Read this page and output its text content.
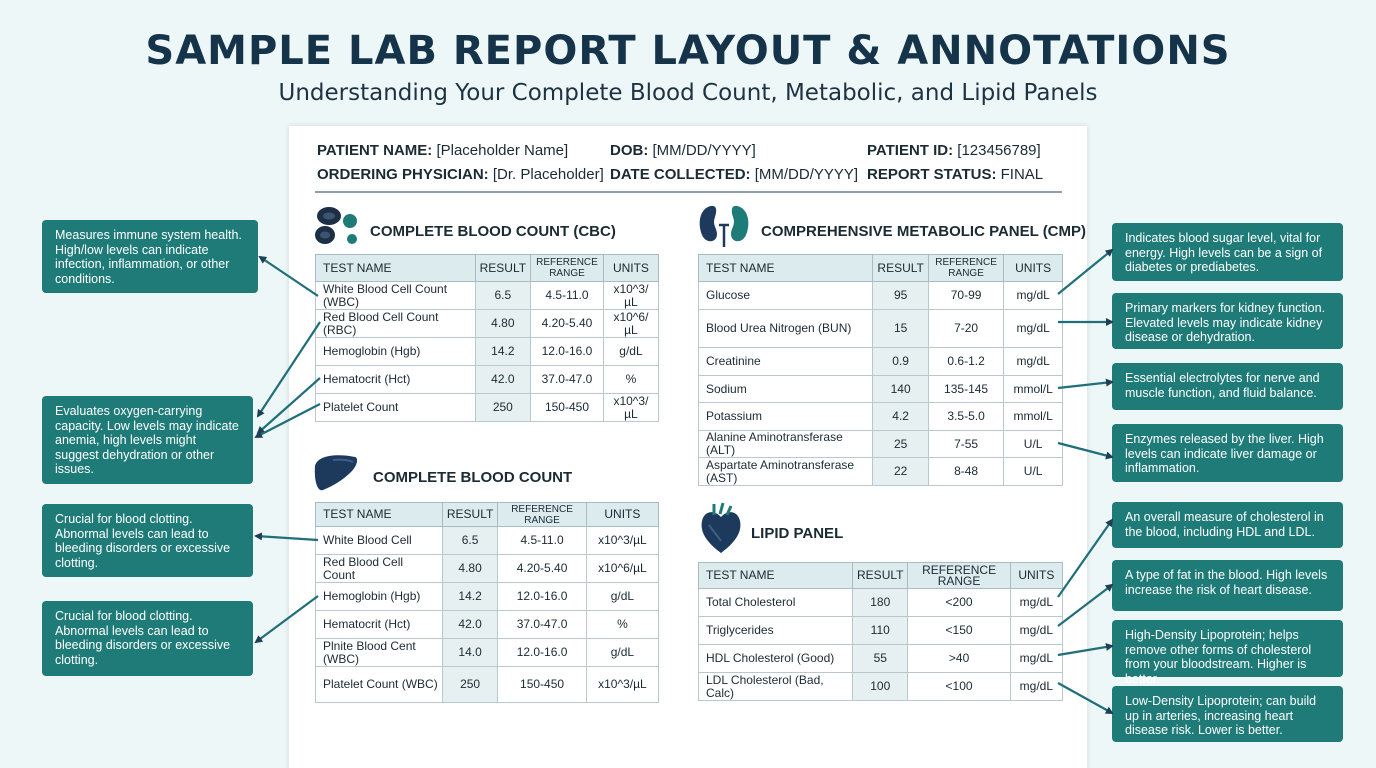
SAMPLE LAB REPORT LAYOUT & ANNOTATIONS
Understanding Your Complete Blood Count, Metabolic, and Lipid Panels
PATIENT NAME: [Placeholder Name]	DOB: [MM/DD/YYYY]	PATIENT ID: [123456789]
ORDERING PHYSICIAN: [Dr. Placeholder] DATE COLLECTED: [MM/DD/YYYY] REPORT STATUS: FINAL
COMPLETE BLOOD COUNT (CBC)
COMPLETE BLOOD COUNT
COMPREHENSIVE METABOLIC PANEL (CMP)
LIPID PANEL
TEST NAME	RESULT	REFERENCE RANGE	UNITS
White Blood Cell Count (WBC)	6.5	4.5-11.0	x10^3/µL
Red Blood Cell Count (RBC)	4.80	4.20-5.40	x10^6/µL
Hemoglobin (Hgb)	14.2	12.0-16.0	g/dL
Hematocrit (Hct)	42.0	37.0-47.0	%
Platelet Count	250	150-450	x10^3/µL
TEST NAME	RESULT	REFERENCE RANGE	UNITS
White Blood Cell	6.5	4.5-11.0	x10^3/µL
Red Blood Cell Count	4.80	4.20-5.40	x10^6/µL
Hemoglobin (Hgb)	14.2	12.0-16.0	g/dL
Hematocrit (Hct)	42.0	37.0-47.0	%
Plnite Blood Cent (WBC)	14.0	12.0-16.0	g/dL
Platelet Count (WBC)	250	150-450	x10^3/µL
TEST NAME	RESULT	REFERENCE RANGE	UNITS
Glucose	95	70-99	mg/dL
Blood Urea Nitrogen (BUN)	15	7-20	mg/dL
Creatinine	0.9	0.6-1.2	mg/dL
Sodium	140	135-145	mmol/L
Potassium	4.2	3.5-5.0	mmol/L
Alanine Aminotransferase (ALT)	25	7-55	U/L
Aspartate Aminotransferase (AST)	22	8-48	U/L
TEST NAME	RESULT	REFERENCE RANGE	UNITS
Total Cholesterol	180	<200	mg/dL
Triglycerides	110	<150	mg/dL
HDL Cholesterol (Good)	55	>40	mg/dL
LDL Cholesterol (Bad, Calc)	100	<100	mg/dL
Measures immune system health. High/low levels can indicate infection, inflammation, or other conditions.
Evaluates oxygen-carrying capacity. Low levels may indicate anemia, high levels might suggest dehydration or other issues.
Crucial for blood clotting. Abnormal levels can lead to bleeding disorders or excessive clotting.
Crucial for blood clotting. Abnormal levels can lead to bleeding disorders or excessive clotting.
Indicates blood sugar level, vital for energy. High levels can be a sign of diabetes or prediabetes.
Primary markers for kidney function. Elevated levels may indicate kidney disease or dehydration.
Essential electrolytes for nerve and muscle function, and fluid balance.
Enzymes released by the liver. High levels can indicate liver damage or inflammation.
An overall measure of cholesterol in the blood, including HDL and LDL.
A type of fat in the blood. High levels increase the risk of heart disease.
High-Density Lipoprotein; helps remove other forms of cholesterol from your bloodstream. Higher is better.
Low-Density Lipoprotein; can build up in arteries, increasing heart disease risk. Lower is better.
